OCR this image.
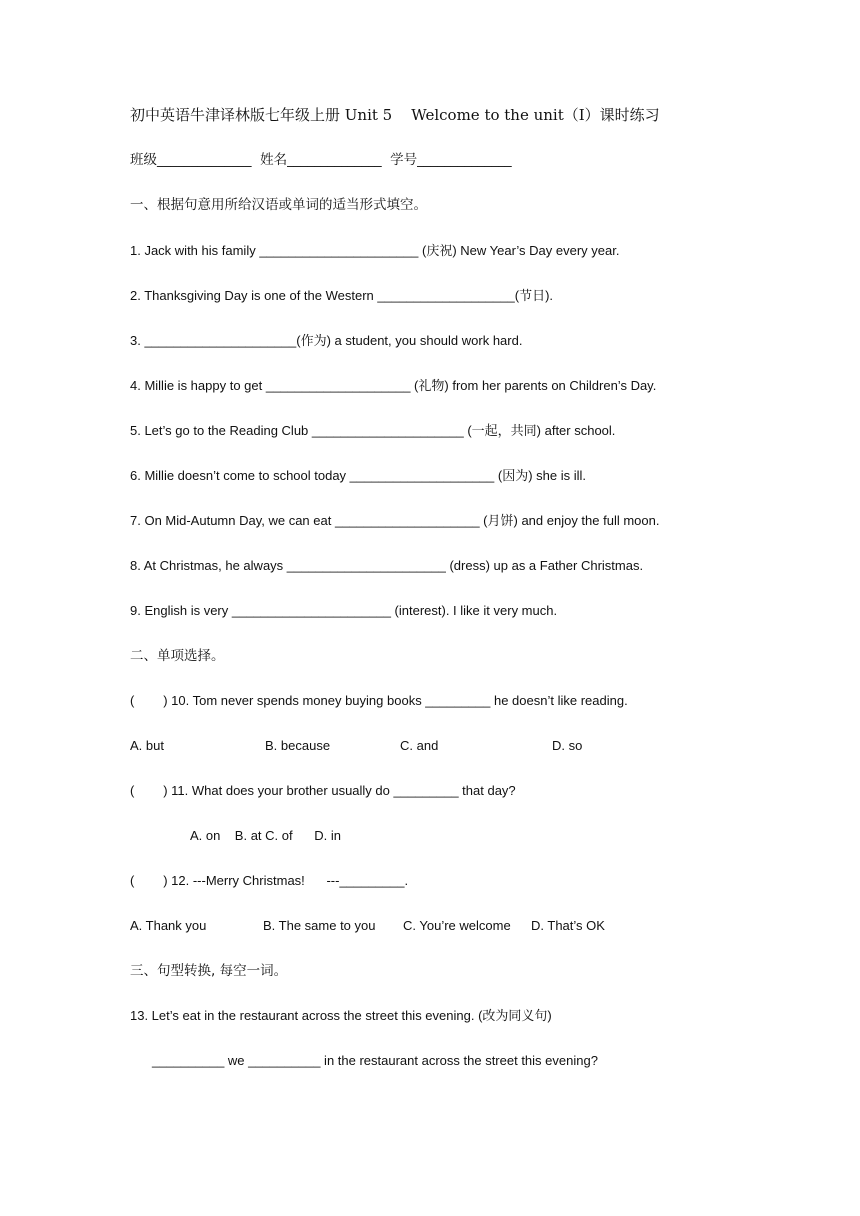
初中英语牛津译林版七年级上册 Unit 5    Welcome to the unit（Ⅰ）课时练习
班级______________  姓名______________  学号______________
一、根据句意用所给汉语或单词的适当形式填空。
1. Jack with his family ______________________ (庆祝) New Year’s Day every year.
2. Thanksgiving Day is one of the Western ___________________(节日).
3. _____________________(作为) a student, you should work hard.
4. Millie is happy to get ____________________ (礼物) from her parents on Children’s Day.
5. Let’s go to the Reading Club _____________________ (一起，共同) after school.
6. Millie doesn’t come to school today ____________________ (因为) she is ill.
7. On Mid-Autumn Day, we can eat ____________________ (月饼) and enjoy the full moon.
8. At Christmas, he always ______________________ (dress) up as a Father Christmas.
9. English is very ______________________ (interest). I like it very much.
二、单项选择。
(        ) 10. Tom never spends money buying books _________ he doesn’t like reading.
A. but	B. because	C. and	D. so
(        ) 11. What does your brother usually do _________ that day?
A. on    B. at C. of      D. in
(        ) 12. ---Merry Christmas!      ---_________.
A. Thank you	B. The same to you C. You’re welcome D. That’s OK
三、句型转换, 每空一词。
13. Let’s eat in the restaurant across the street this evening. (改为同义句)
__________ we __________ in the restaurant across the street this evening?
